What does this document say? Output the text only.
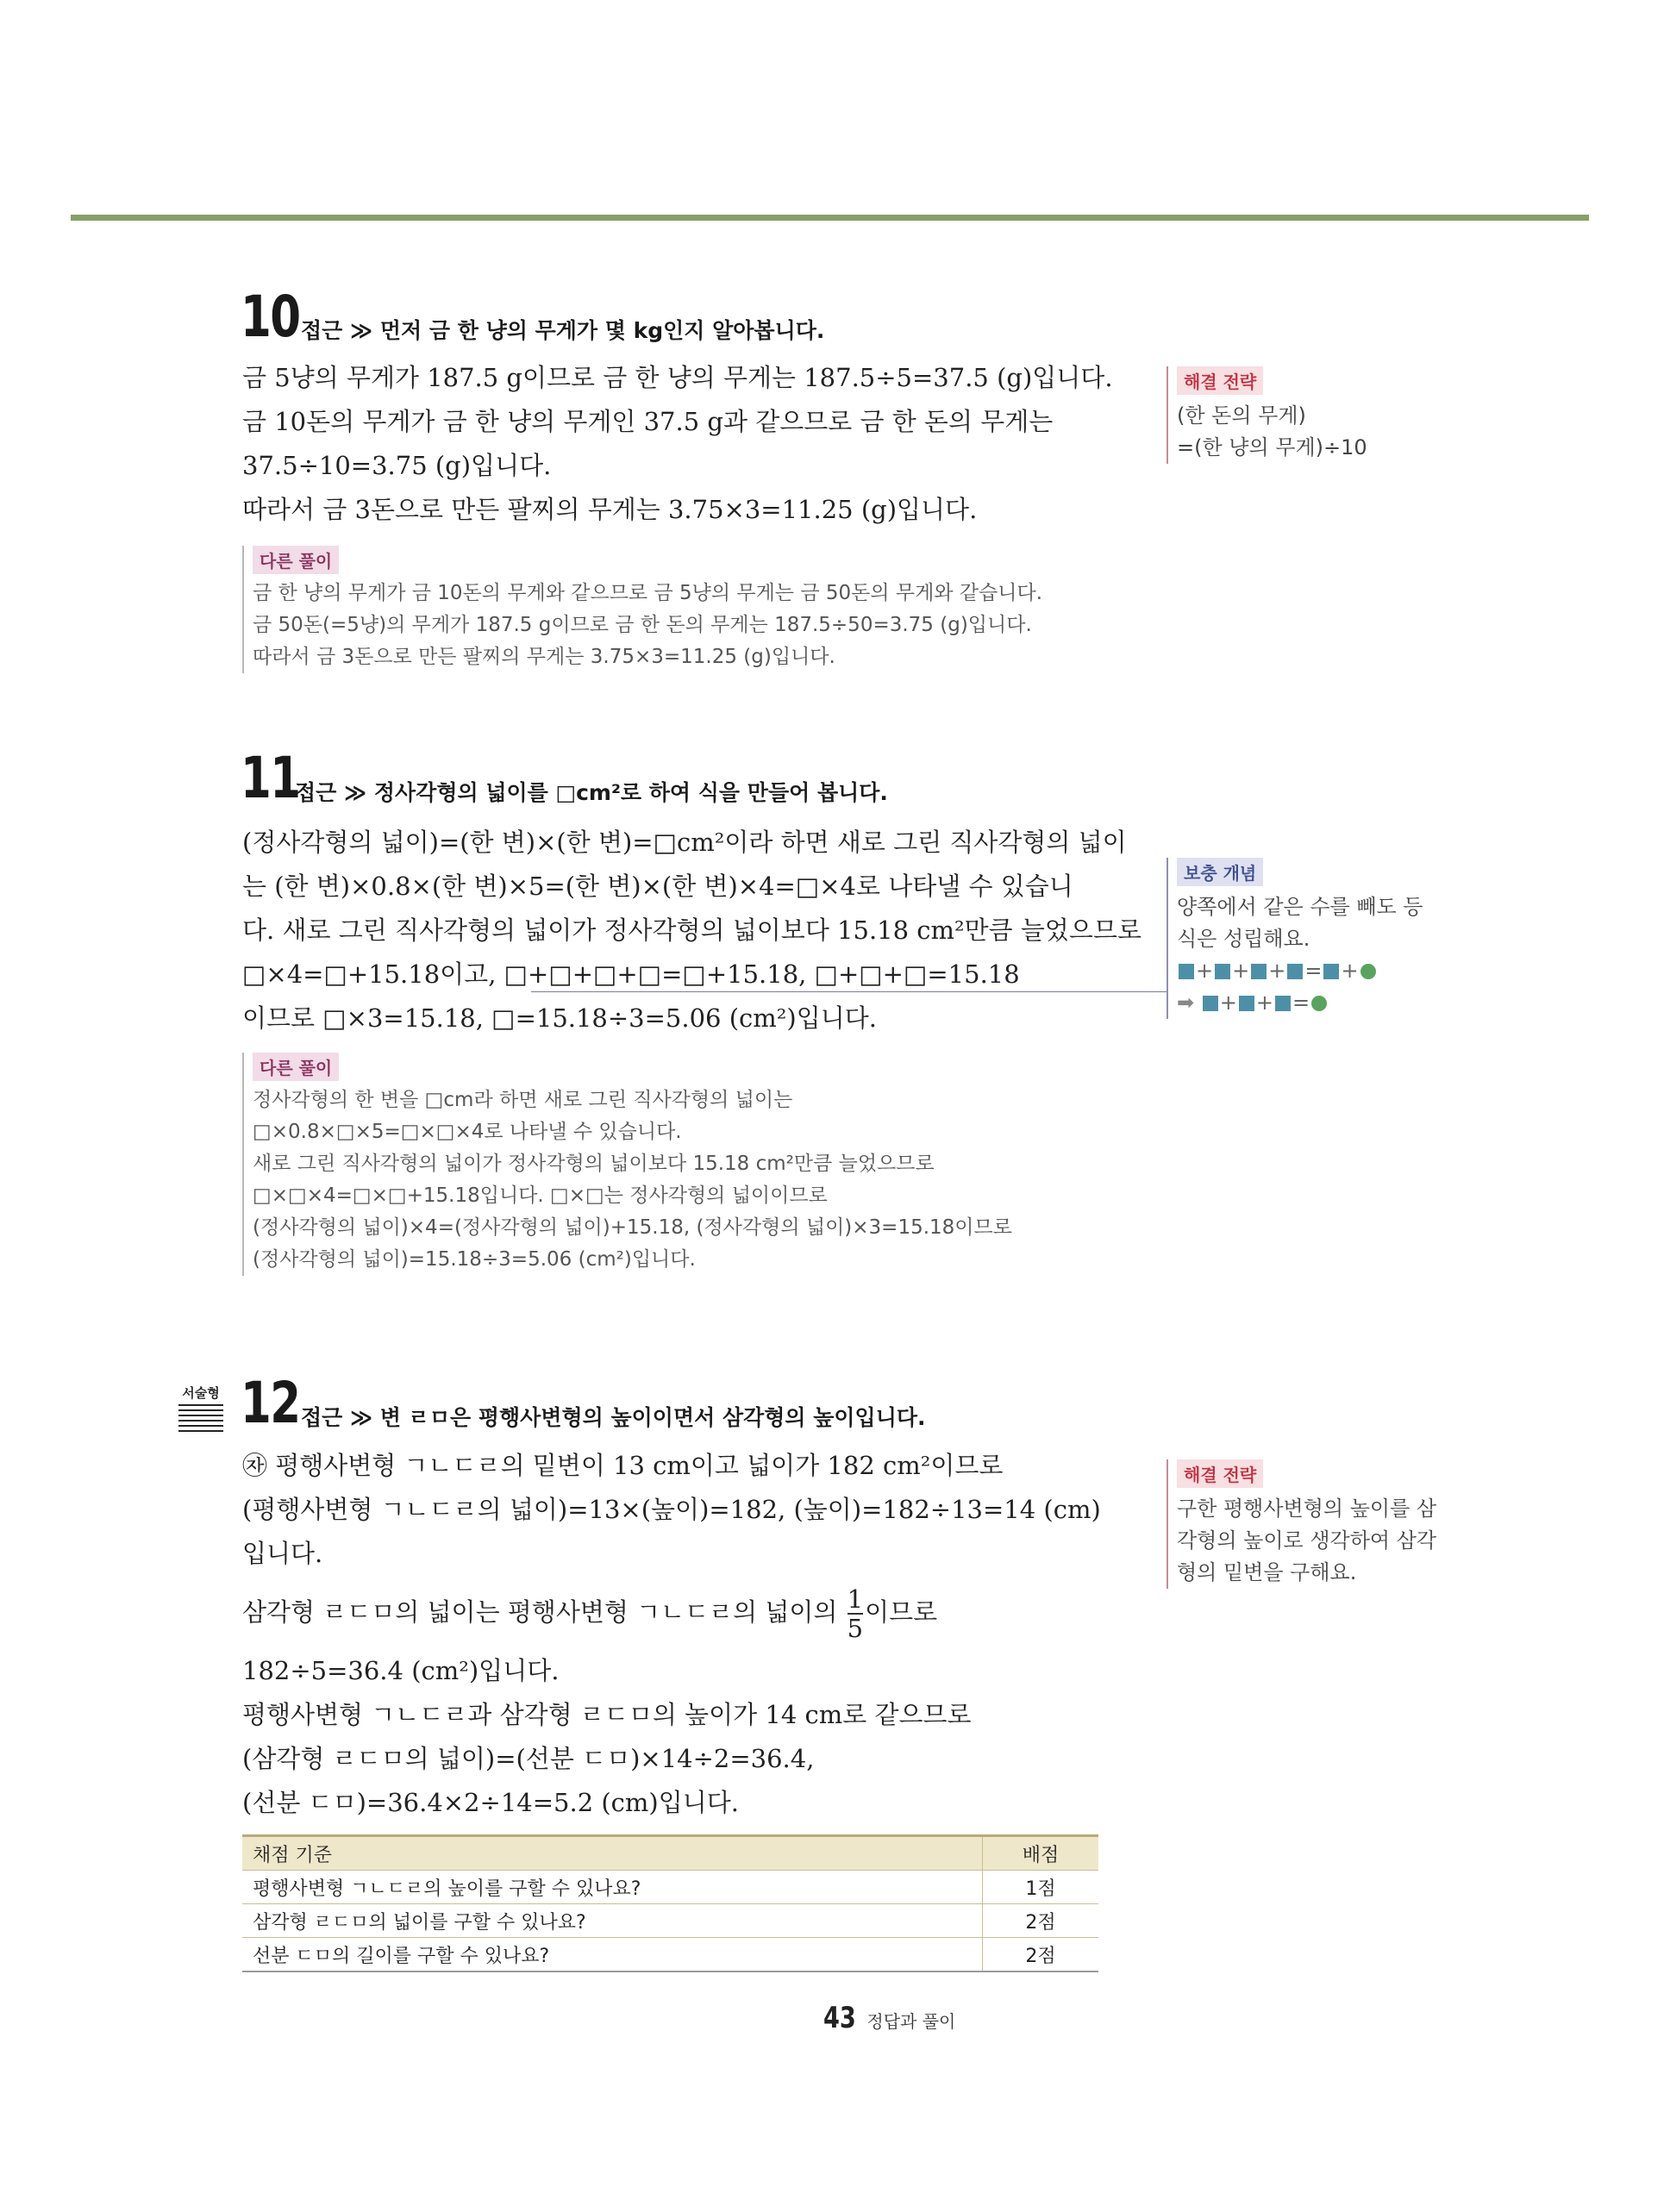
10 접근 ≫ 먼저 금 한 냥의 무게가 몇 kg인지 알아봅니다.
금 5냥의 무게가 187.5 g이므로 금 한 냥의 무게는 187.5÷5=37.5 (g)입니다.
금 10돈의 무게가 금 한 냥의 무게인 37.5 g과 같으므로 금 한 돈의 무게는
37.5÷10=3.75 (g)입니다.
따라서 금 3돈으로 만든 팔찌의 무게는 3.75×3=11.25 (g)입니다.
다른 풀이
금 한 냥의 무게가 금 10돈의 무게와 같으므로 금 5냥의 무게는 금 50돈의 무게와 같습니다.
금 50돈(=5냥)의 무게가 187.5 g이므로 금 한 돈의 무게는 187.5÷50=3.75 (g)입니다.
따라서 금 3돈으로 만든 팔찌의 무게는 3.75×3=11.25 (g)입니다.
해결 전략
(한 돈의 무게)
=(한 냥의 무게)÷10
11
접근 ≫ 정사각형의 넓이를 □cm²로 하여 식을 만들어 봅니다.
(정사각형의 넓이)=(한 변)×(한 변)=□cm²이라 하면 새로 그린 직사각형의 넓이
는 (한 변)×0.8×(한 변)×5=(한 변)×(한 변)×4=□×4로 나타낼 수 있습니
다. 새로 그린 직사각형의 넓이가 정사각형의 넓이보다 15.18 cm²만큼 늘었으므로
□×4=□+15.18이고, □+□+□+□=□+15.18, □+□+□=15.18
이므로 □×3=15.18, □=15.18÷3=5.06 (cm²)입니다.
다른 풀이
정사각형의 한 변을 □cm라 하면 새로 그린 직사각형의 넓이는
□×0.8×□×5=□×□×4로 나타낼 수 있습니다.
새로 그린 직사각형의 넓이가 정사각형의 넓이보다 15.18 cm²만큼 늘었으므로
□×□×4=□×□+15.18입니다. □×□는 정사각형의 넓이이므로
(정사각형의 넓이)×4=(정사각형의 넓이)+15.18, (정사각형의 넓이)×3=15.18이므로
(정사각형의 넓이)=15.18÷3=5.06 (cm²)입니다.
보충 개념
양쪽에서 같은 수를 빼도 등
식은 성립해요.
+ + + = +
➡ + + =
서술형 12 접근 ≫ 변 ㄹㅁ은 평행사변형의 높이이면서 삼각형의 높이입니다.
㉶ 평행사변형 ㄱㄴㄷㄹ의 밑변이 13 cm이고 넓이가 182 cm²이므로
(평행사변형 ㄱㄴㄷㄹ의 넓이)=13×(높이)=182, (높이)=182÷13=14 (cm)
입니다.
삼각형 ㄹㄷㅁ의 넓이는 평행사변형 ㄱㄴㄷㄹ의 넓이의 $\frac{1}{5}$ 이므로
182÷5=36.4 (cm²)입니다.
평행사변형 ㄱㄴㄷㄹ과 삼각형 ㄹㄷㅁ의 높이가 14 cm로 같으므로
(삼각형 ㄹㄷㅁ의 넓이)=(선분 ㄷㅁ)×14÷2=36.4,
(선분 ㄷㅁ)=36.4×2÷14=5.2 (cm)입니다.
해결 전략
구한 평행사변형의 높이를 삼
각형의 높이로 생각하여 삼각
형의 밑변을 구해요.
채점 기준	배점
평행사변형 ㄱㄴㄷㄹ의 높이를 구할 수 있나요?	1점
삼각형 ㄹㄷㅁ의 넓이를 구할 수 있나요?	2점
선분 ㄷㅁ의 길이를 구할 수 있나요?	2점
43 정답과 풀이
